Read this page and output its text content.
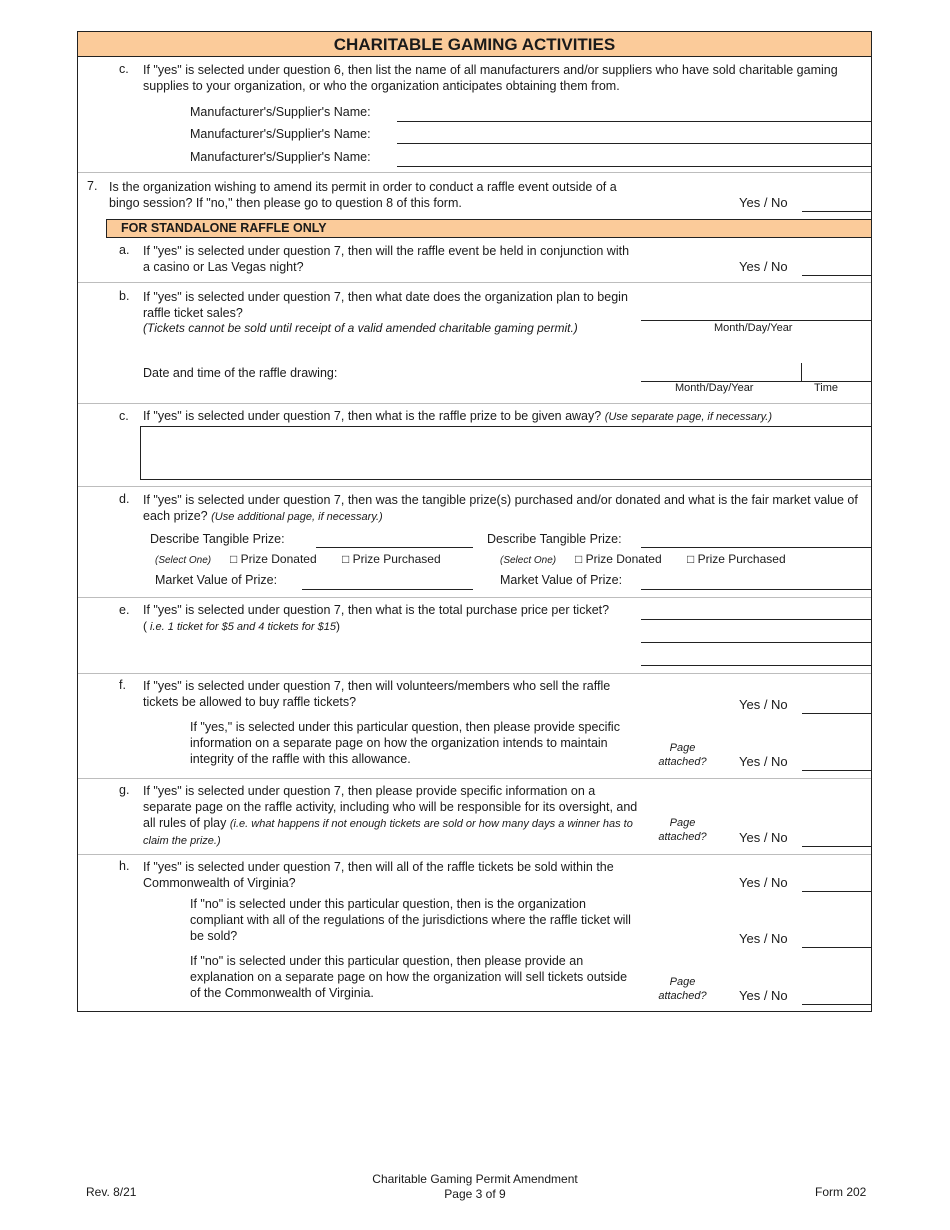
CHARITABLE GAMING ACTIVITIES
c. If "yes" is selected under question 6, then list the name of all manufacturers and/or suppliers who have sold charitable gaming supplies to your organization, or who the organization anticipates obtaining them from.
Manufacturer's/Supplier's Name:
Manufacturer's/Supplier's Name:
Manufacturer's/Supplier's Name:
7. Is the organization wishing to amend its permit in order to conduct a raffle event outside of a bingo session? If "no," then please go to question 8 of this form.	Yes / No
FOR STANDALONE RAFFLE ONLY
a. If "yes" is selected under question 7, then will the raffle event be held in conjunction with a casino or Las Vegas night?	Yes / No
b. If "yes" is selected under question 7, then what date does the organization plan to begin raffle ticket sales?
(Tickets cannot be sold until receipt of a valid amended charitable gaming permit.)	Month/Day/Year
Date and time of the raffle drawing:
Month/Day/Year	Time
c. If "yes" is selected under question 7, then what is the raffle prize to be given away? (Use separate page, if necessary.)
d. If "yes" is selected under question 7, then was the tangible prize(s) purchased and/or donated and what is the fair market value of each prize? (Use additional page, if necessary.)
Describe Tangible Prize:	Describe Tangible Prize:
(Select One) □ Prize Donated □ Prize Purchased	(Select One) □ Prize Donated □ Prize Purchased
Market Value of Prize:	Market Value of Prize:
e. If "yes" is selected under question 7, then what is the total purchase price per ticket?
( i.e. 1 ticket for $5 and 4 tickets for $15)
f. If "yes" is selected under question 7, then will volunteers/members who sell the raffle tickets be allowed to buy raffle tickets?	Yes / No
If "yes," is selected under this particular question, then please provide specific information on a separate page on how the organization intends to maintain integrity of the raffle with this allowance.
Page attached? Yes / No
g. If "yes" is selected under question 7, then please provide specific information on a separate page on the raffle activity, including who will be responsible for its oversight, and all rules of play (i.e. what happens if not enough tickets are sold or how many days a winner has to claim the prize.)
Page attached? Yes / No
h. If "yes" is selected under question 7, then will all of the raffle tickets be sold within the Commonwealth of Virginia?	Yes / No
If "no" is selected under this particular question, then is the organization compliant with all of the regulations of the jurisdictions where the raffle ticket will be sold?	Yes / No
If "no" is selected under this particular question, then please provide an explanation on a separate page on how the organization will sell tickets outside of the Commonwealth of Virginia.
Page attached? Yes / No
Rev. 8/21
Charitable Gaming Permit Amendment
Page 3 of 9	Form 202
